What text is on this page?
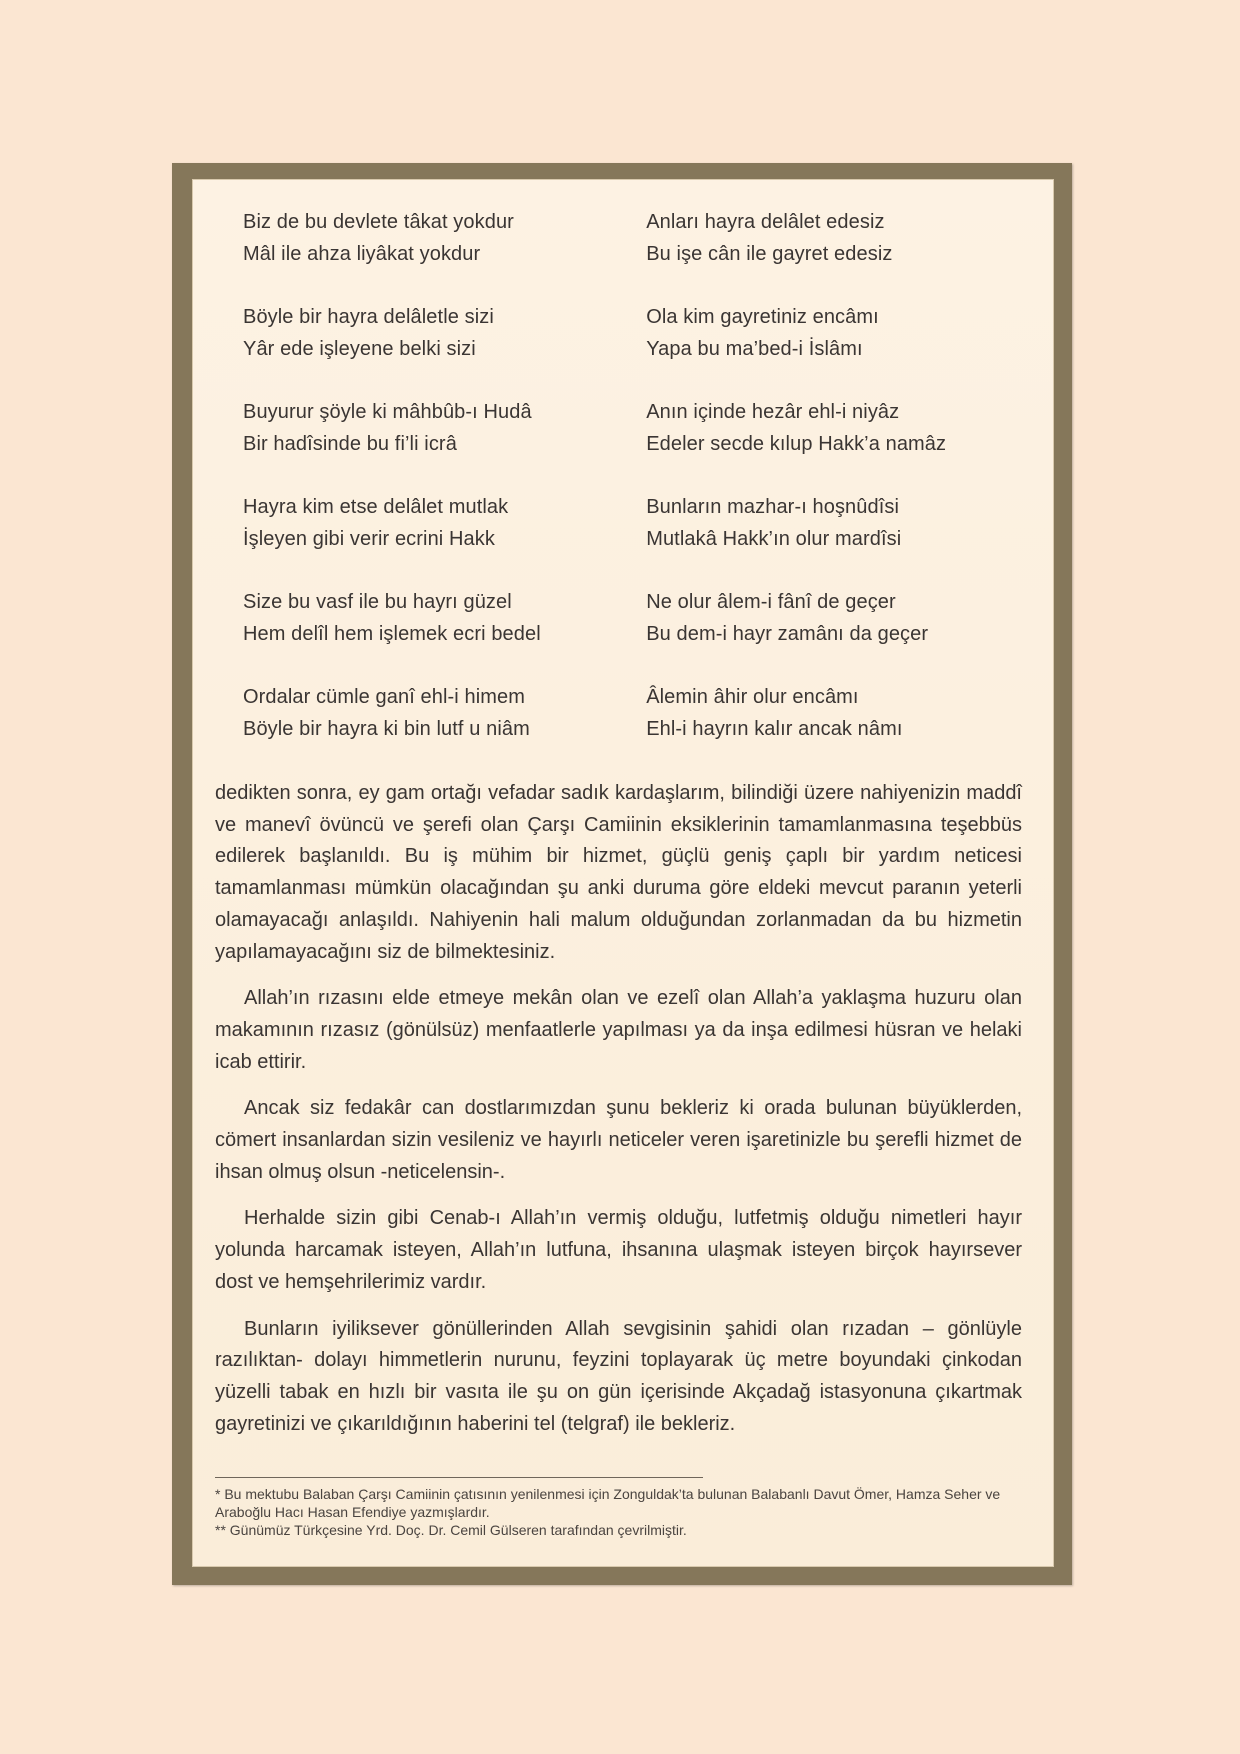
Biz de bu devlete tâkat yokdur
Mâl ile ahza liyâkat yokdur
Anları hayra delâlet edesiz
Bu işe cân ile gayret edesiz
Böyle bir hayra delâletle sizi
Yâr ede işleyene belki sizi
Ola kim gayretiniz encâmı
Yapa bu ma’bed-i İslâmı
Buyurur şöyle ki mâhbûb-ı Hudâ
Bir hadîsinde bu fi’li icrâ
Anın içinde hezâr ehl-i niyâz
Edeler secde kılup Hakk’a namâz
Hayra kim etse delâlet mutlak
İşleyen gibi verir ecrini Hakk
Bunların mazhar-ı hoşnûdîsi
Mutlakâ Hakk’ın olur mardîsi
Size bu vasf ile bu hayrı güzel
Hem delîl hem işlemek ecri bedel
Ne olur âlem-i fânî de geçer
Bu dem-i hayr zamânı da geçer
Ordalar cümle ganî ehl-i himem
Böyle bir hayra ki bin lutf u niâm
Âlemin âhir olur encâmı
Ehl-i hayrın kalır ancak nâmı

dedikten sonra, ey gam ortağı vefadar sadık kardaşlarım, bilindiği üzere nahiyenizin maddî ve manevî övüncü ve şerefi olan Çarşı Camiinin eksiklerinin tamamlanmasına teşebbüs edilerek başlanıldı. Bu iş mühim bir hizmet, güçlü geniş çaplı bir yardım neticesi tamamlanması mümkün olacağından şu anki duruma göre eldeki mevcut paranın yeterli olamayacağı anlaşıldı. Nahiyenin hali malum olduğundan zorlanmadan da bu hizmetin yapılamayacağını siz de bilmektesiniz.

Allah’ın rızasını elde etmeye mekân olan ve ezelî olan Allah’a yaklaşma huzuru olan makamının rızasız (gönülsüz) menfaatlerle yapılması ya da inşa edilmesi hüsran ve helaki icab ettirir.

Ancak siz fedakâr can dostlarımızdan şunu bekleriz ki orada bulunan büyüklerden, cömert insanlardan sizin vesileniz ve hayırlı neticeler veren işaretinizle bu şerefli hizmet de ihsan olmuş olsun -neticelensin-.

Herhalde sizin gibi Cenab-ı Allah’ın vermiş olduğu, lutfetmiş olduğu nimetleri hayır yolunda harcamak isteyen, Allah’ın lutfuna, ihsanına ulaşmak isteyen birçok hayırsever dost ve hemşehrilerimiz vardır.

Bunların iyiliksever gönüllerinden Allah sevgisinin şahidi olan rızadan – gönlüyle razılıktan- dolayı himmetlerin nurunu, feyzini toplayarak üç metre boyundaki çinkodan yüzelli tabak en hızlı bir vasıta ile şu on gün içerisinde Akçadağ istasyonuna çıkartmak gayretinizi ve çıkarıldığının haberini tel (telgraf) ile bekleriz.

* Bu mektubu Balaban Çarşı Camiinin çatısının yenilenmesi için Zonguldak’ta bulunan Balabanlı Davut Ömer, Hamza Seher ve Araboğlu Hacı Hasan Efendiye yazmışlardır.
** Günümüz Türkçesine Yrd. Doç. Dr. Cemil Gülseren tarafından çevrilmiştir.
